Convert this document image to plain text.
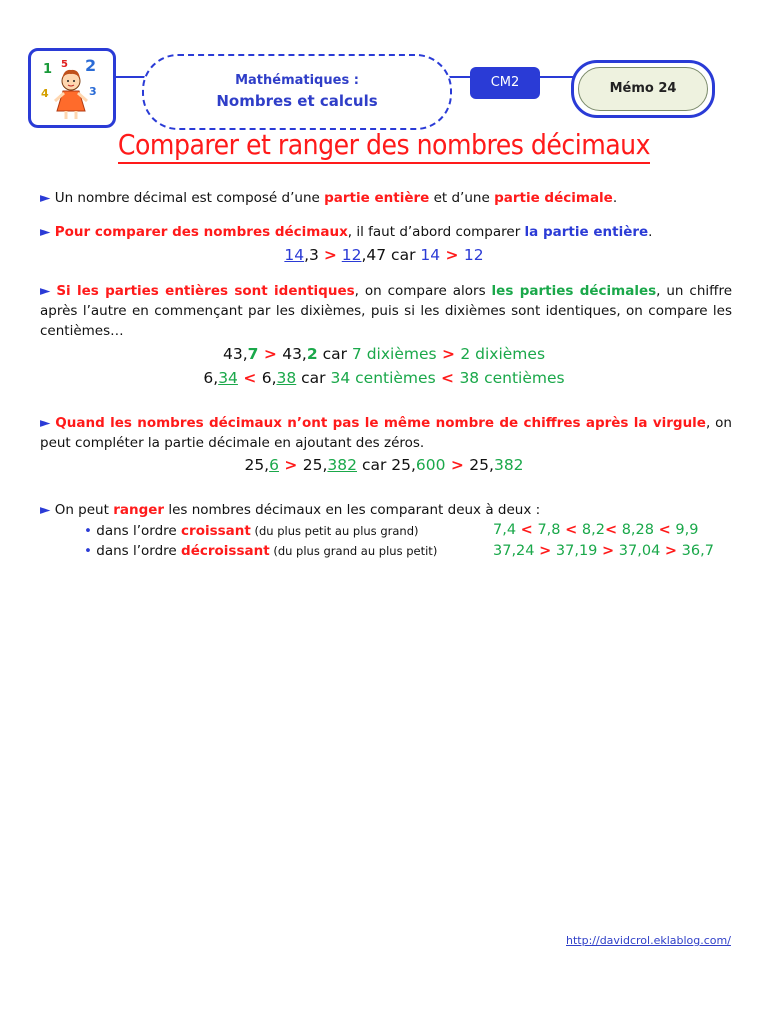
1 5 2
4	3
Mathématiques :
Nombres et calculs
CM2	Mémo 24
Comparer et ranger des nombres décimaux
► Un nombre décimal est composé d’une partie entière et d’une partie décimale.
► Pour comparer des nombres décimaux, il faut d’abord comparer la partie entière.
14,3 > 12,47 car 14 > 12
► Si les parties entières sont identiques, on compare alors les parties décimales, un chiffre après l’autre en commençant par les dixièmes, puis si les dixièmes sont identiques, on compare les centièmes…
43,7 > 43,2 car 7 dixièmes > 2 dixièmes
6,34 < 6,38 car 34 centièmes < 38 centièmes
► Quand les nombres décimaux n’ont pas le même nombre de chiffres après la virgule, on peut compléter la partie décimale en ajoutant des zéros.
25,6 > 25,382 car 25,600 > 25,382
► On peut ranger les nombres décimaux en les comparant deux à deux :
• dans l’ordre croissant (du plus petit au plus grand)	7,4 < 7,8 < 8,2< 8,28 < 9,9
• dans l’ordre décroissant (du plus grand au plus petit)	37,24 > 37,19 > 37,04 > 36,7
http://davidcrol.eklablog.com/
